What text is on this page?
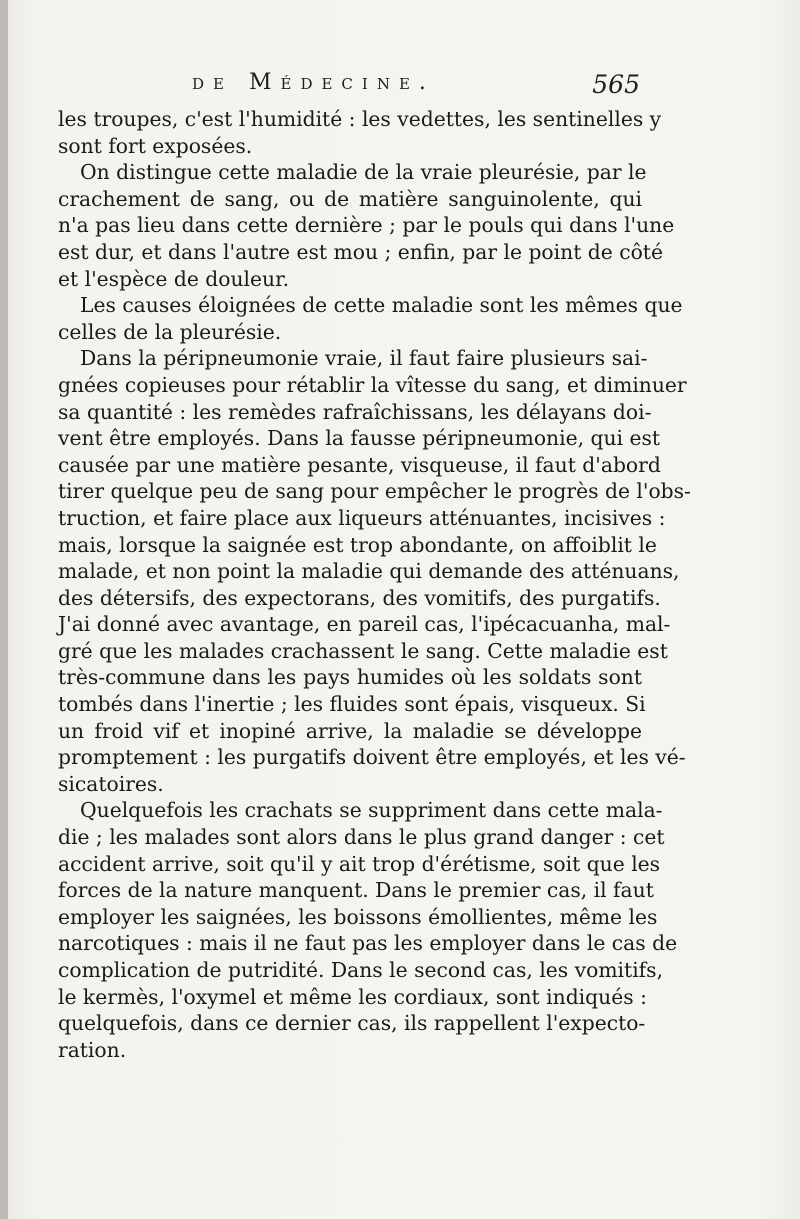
de Médecine.	565

les troupes, c'est l'humidité : les vedettes, les sentinelles y
sont fort exposées.

On distingue cette maladie de la vraie pleurésie, par le
crachement de sang, ou de matière sanguinolente, qui
n'a pas lieu dans cette dernière ; par le pouls qui dans l'une
est dur, et dans l'autre est mou ; enfin, par le point de côté
et l'espèce de douleur.

Les causes éloignées de cette maladie sont les mêmes que
celles de la pleurésie.

Dans la péripneumonie vraie, il faut faire plusieurs sai-
gnées copieuses pour rétablir la vîtesse du sang, et diminuer
sa quantité : les remèdes rafraîchissans, les délayans doi-
vent être employés. Dans la fausse péripneumonie, qui est
causée par une matière pesante, visqueuse, il faut d'abord
tirer quelque peu de sang pour empêcher le progrès de l'obs-
truction, et faire place aux liqueurs atténuantes, incisives :
mais, lorsque la saignée est trop abondante, on affoiblit le
malade, et non point la maladie qui demande des atténuans,
des détersifs, des expectorans, des vomitifs, des purgatifs.
J'ai donné avec avantage, en pareil cas, l'ipécacuanha, mal-
gré que les malades crachassent le sang. Cette maladie est
très-commune dans les pays humides où les soldats sont
tombés dans l'inertie ; les fluides sont épais, visqueux. Si
un froid vif et inopiné arrive, la maladie se développe
promptement : les purgatifs doivent être employés, et les vé-
sicatoires.

Quelquefois les crachats se suppriment dans cette mala-
die ; les malades sont alors dans le plus grand danger : cet
accident arrive, soit qu'il y ait trop d'érétisme, soit que les
forces de la nature manquent. Dans le premier cas, il faut
employer les saignées, les boissons émollientes, même les
narcotiques : mais il ne faut pas les employer dans le cas de
complication de putridité. Dans le second cas, les vomitifs,
le kermès, l'oxymel et même les cordiaux, sont indiqués :
quelquefois, dans ce dernier cas, ils rappellent l'expecto-
ration.
